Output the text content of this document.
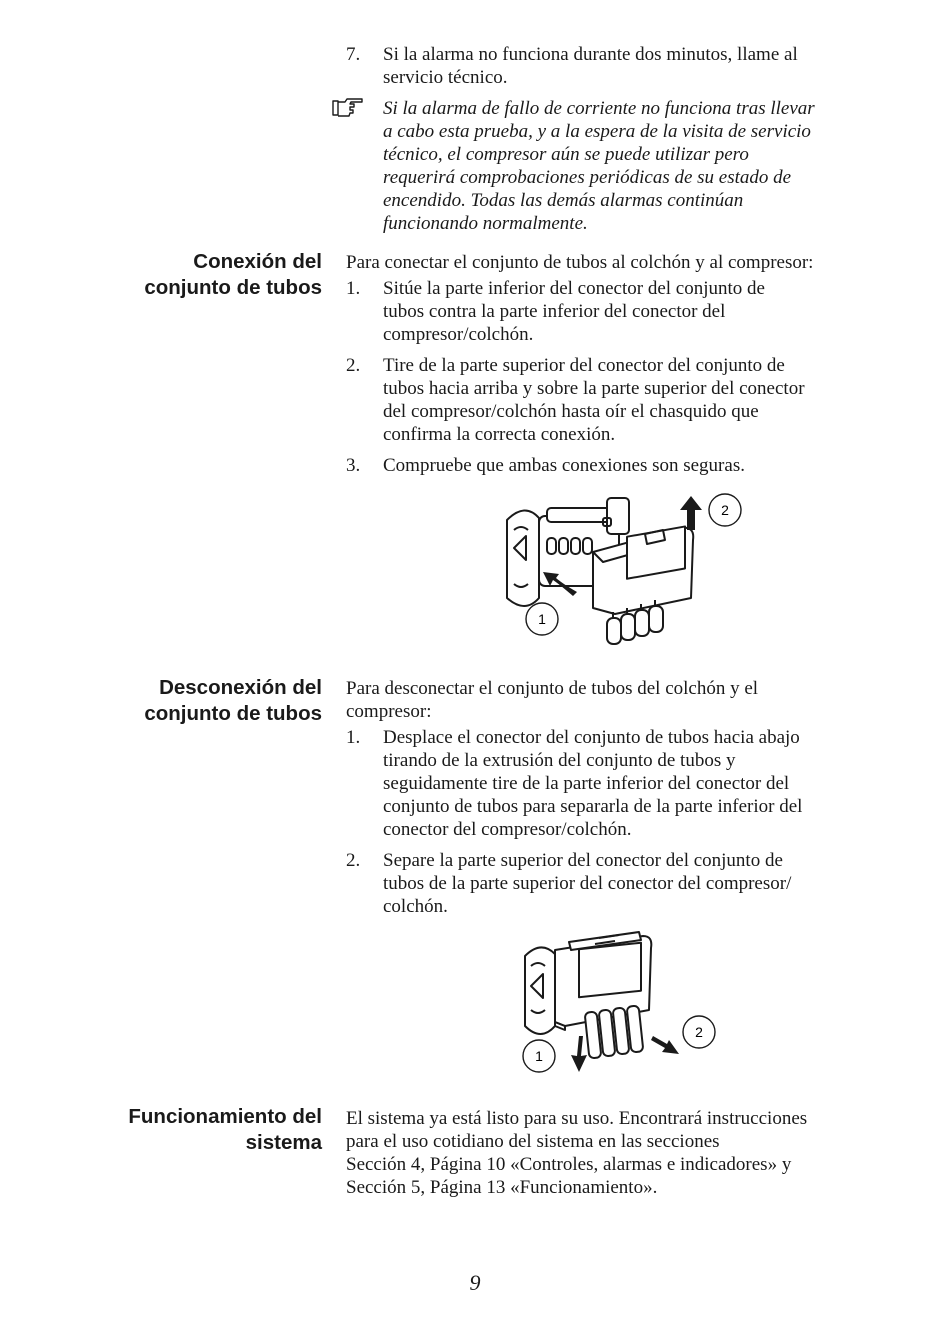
7. Si la alarma no funciona durante dos minutos, llame al
servicio técnico.
Si la alarma de fallo de corriente no funciona tras llevar
a cabo esta prueba, y a la espera de la visita de servicio
técnico, el compresor aún se puede utilizar pero
requerirá comprobaciones periódicas de su estado de
encendido. Todas las demás alarmas continúan
funcionando normalmente.
Conexión del
conjunto de tubos

Para conectar el conjunto de tubos al colchón y al compresor:

1. Sitúe la parte inferior del conector del conjunto de
tubos contra la parte inferior del conector del
compresor/colchón.
2. Tire de la parte superior del conector del conjunto de
tubos hacia arriba y sobre la parte superior del conector
del compresor/colchón hasta oír el chasquido que
confirma la correcta conexión.
3. Compruebe que ambas conexiones son seguras.
2
1
Desconexión del
conjunto de tubos
Para desconectar el conjunto de tubos del colchón y el
compresor:
1. Desplace el conector del conjunto de tubos hacia abajo
tirando de la extrusión del conjunto de tubos y
seguidamente tire de la parte inferior del conector del
conjunto de tubos para separarla de la parte inferior del
conector del compresor/colchón.
2. Separe la parte superior del conector del conjunto de
tubos de la parte superior del conector del compresor/
colchón.
2
1
Funcionamiento del
sistema
El sistema ya está listo para su uso. Encontrará instrucciones
para el uso cotidiano del sistema en las secciones
Sección 4, Página 10 «Controles, alarmas e indicadores» y
Sección 5, Página 13 «Funcionamiento».
9
